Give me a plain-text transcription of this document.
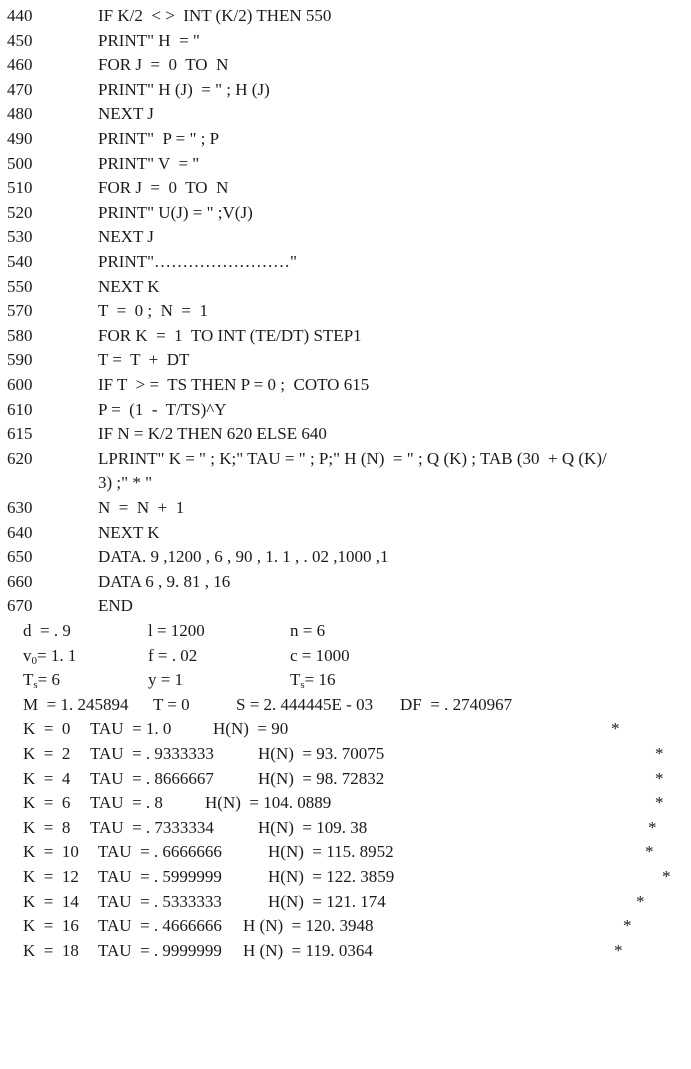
440	IF K/2  < >  INT (K/2) THEN 550
450	PRINT" H  = "
460	FOR J  =  0  TO  N
470	PRINT" H (J)  = " ; H (J)
480	NEXT J
490	PRINT"  P = " ; P
500	PRINT" V  = "
510	FOR J  =  0  TO  N
520	PRINT" U(J) = " ;V(J)
530	NEXT J
540	PRINT"……………………"
550	NEXT K
570	T  =  0 ;  N  =  1
580	FOR K  =  1  TO INT (TE/DT) STEP1
590	T =  T  +  DT
600	IF T  > =  TS THEN P = 0 ;  COTO 615
610	P =  (1  -  T/TS)^Y
615	IF N = K/2 THEN 620 ELSE 640
620	LPRINT" K = " ; K;" TAU = " ; P;" H (N)  = " ; Q (K) ; TAB (30  + Q (K)/
3) ;" * "
630	N  =  N  +  1
640	NEXT K
650	DATA. 9 ,1200 , 6 , 90 , 1. 1 , . 02 ,1000 ,1
660	DATA 6 , 9. 81 , 16
670	END
d  = . 9	l = 1200	n = 6
$v_0= 1$. 1	f = . 02	c = 1000
$T_s= 6$	y = 1	$T_s= 16$
M  = 1. 245894 T = 0	S = 2. 444445E - 03 DF  = . 2740967
K  =  0 TAU  = 1. 0 H(N)  = 90	*
K  =  2 TAU  = . 9333333	H(N)  = 93. 70075	*
K  =  4 TAU  = . 8666667	H(N)  = 98. 72832	*
K  =  6 TAU  = . 8 H(N)  = 104. 0889	*
K  =  8 TAU  = . 7333334	H(N)  = 109. 38	*
K  =  10 TAU  = . 6666666	H(N)  = 115. 8952	*
K  =  12 TAU  = . 5999999	H(N)  = 122. 3859	*
K  =  14 TAU  = . 5333333	H(N)  = 121. 174	*
K  =  16 TAU  = . 4666666 H (N)  = 120. 3948	*
K  =  18 TAU  = . 9999999 H (N)  = 119. 0364	*
